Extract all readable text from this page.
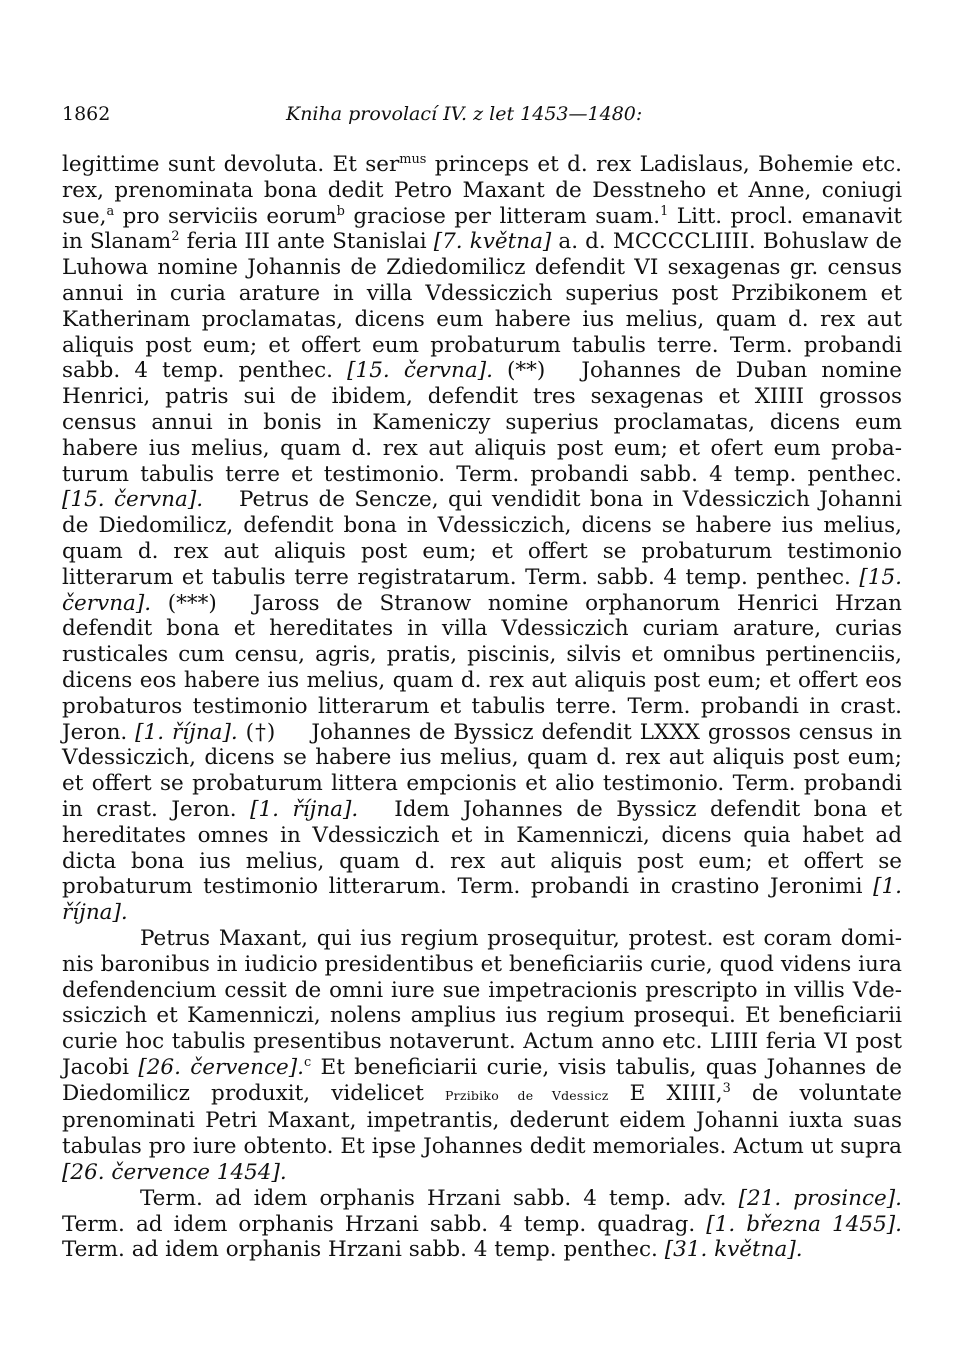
1862	Kniha provolací IV. z let 1453—1480:

legittime sunt devoluta. Et ser$^{mus}$ princeps et d. rex Ladislaus, Bohemie etc. rex, prenominata bona dedit Petro Maxant de Desstneho et Anne, coniugi sue,$^a$ pro serviciis eorum$^b$ graciose per litteram suam.$^1$ Litt. procl. emanavit in Slanam$^2$ feria III ante Stanislai [7. května] a. d. MCCCCLIIII. Bohuslaw de Luhowa nomine Johannis de Zdiedomilicz defendit VI sexagenas gr. census annui in curia arature in villa Vdessiczich superius post Przibikonem et Katherinam proclamatas, dicens eum habere ius melius, quam d. rex aut aliquis post eum; et offert eum probaturum tabulis terre. Term. probandi sabb. 4 temp. penthec. [15. června]. (**) Johannes de Duban nomine Henrici, patris sui de ibidem, defendit tres sexagenas et XIIII grossos census annui in bonis in Kameniczy superius proclamatas, dicens eum habere ius melius, quam d. rex aut aliquis post eum; et ofert eum probaturum tabulis terre et testimonio. Term. probandi sabb. 4 temp. penthec. [15. června]. Petrus de Sencze, qui vendidit bona in Vdessiczich Johanni de Diedomilicz, defendit bona in Vdessiczich, dicens se habere ius melius, quam d. rex aut aliquis post eum; et offert se probaturum testimonio litterarum et tabulis terre registratarum. Term. sabb. 4 temp. penthec. [15. června]. (***) Jaross de Stranow nomine orphanorum Henrici Hrzan defendit bona et hereditates in villa Vdessiczich curiam arature, curias rusticales cum censu, agris, pratis, piscinis, silvis et omnibus pertinenciis, dicens eos habere ius melius, quam d. rex aut aliquis post eum; et offert eos probaturos testimonio litterarum et tabulis terre. Term. probandi in crast. Jeron. [1. října]. (†) Johannes de Byssicz defendit LXXX grossos census in Vdessiczich, dicens se habere ius melius, quam d. rex aut aliquis post eum; et offert se probaturum littera empcionis et alio testimonio. Term. probandi in crast. Jeron. [1. října]. Idem Johannes de Byssicz defendit bona et hereditates omnes in Vdessiczich et in Kamenniczi, dicens quia habet ad dicta bona ius melius, quam d. rex aut aliquis post eum; et offert se probaturum testimonio litterarum. Term. probandi in crastino Jeronimi [1. října].

Petrus Maxant, qui ius regium prosequitur, protest. est coram dominis baronibus in iudicio presidentibus et beneficiariis curie, quod videns iura defendencium cessit de omni iure sue impetracionis prescripto in villis Vdessiczich et Kamenniczi, nolens amplius ius regium prosequi. Et beneficiarii curie hoc tabulis presentibus notaverunt. Actum anno etc. LIIII feria VI post Jacobi [26. července].$^c$ Et beneficiarii curie, visis tabulis, quas Johannes de Diedomilicz produxit, videlicet Przibiko de Vdessicz E XIIII,$^3$ de voluntate prenominati Petri Maxant, impetrantis, dederunt eidem Johanni iuxta suas tabulas pro iure obtento. Et ipse Johannes dedit memoriales. Actum ut supra [26. července 1454].

Term. ad idem orphanis Hrzani sabb. 4 temp. adv. [21. prosince]. Term. ad idem orphanis Hrzani sabb. 4 temp. quadrag. [1. března 1455]. Term. ad idem orphanis Hrzani sabb. 4 temp. penthec. [31. května].
